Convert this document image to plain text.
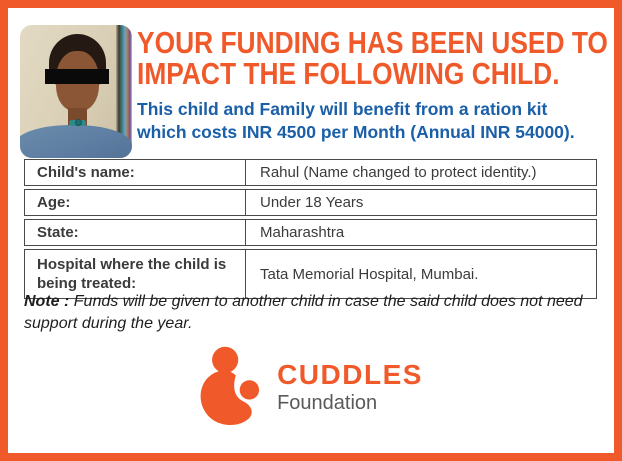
YOUR FUNDING HAS BEEN USED TO
IMPACT THE FOLLOWING CHILD.
This child and Family will benefit from a ration kit
which costs INR 4500 per Month (Annual INR 54000).
Child's name:	Rahul (Name changed to protect identity.)
Age:	Under 18 Years
State:	Maharashtra
Hospital where the child is being treated:
Tata Memorial Hospital, Mumbai.
Note : Funds will be given to another child in case the said child does not need support during the year.
CUDDLES
Foundation
